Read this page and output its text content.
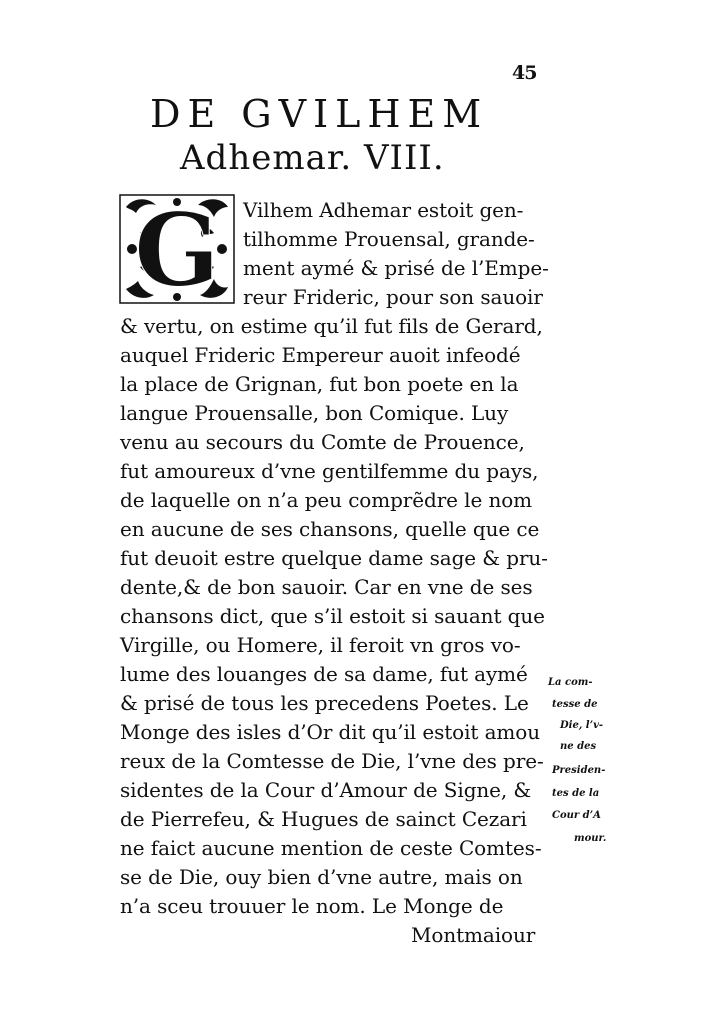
45
DE GVILHEM
Adhemar. VIII.
G Vilhem Adhemar estoit gen-
tilhomme Prouensal, grande-
ment aymé & prisé de l’Empe-
reur Frideric, pour son sauoir
& vertu, on estime qu’il fut fils de Gerard,
auquel Frideric Empereur auoit infeodé
la place de Grignan, fut bon poete en la
langue Prouensalle, bon Comique. Luy
venu au secours du Comte de Prouence,
fut amoureux d’vne gentilfemme du pays,
de laquelle on n’a peu comprẽdre le nom
en aucune de ses chansons, quelle que ce
fut deuoit estre quelque dame sage & pru-
dente,& de bon sauoir. Car en vne de ses
chansons dict, que s’il estoit si sauant que
Virgille, ou Homere, il feroit vn gros vo-
lume des louanges de sa dame, fut aymé
& prisé de tous les precedens Poetes. Le
Monge des isles d’Or dit qu’il estoit amou
reux de la Comtesse de Die, l’vne des pre-
sidentes de la Cour d’Amour de Signe, &
de Pierrefeu, & Hugues de sainct Cezari
ne faict aucune mention de ceste Comtes-
se de Die, ouy bien d’vne autre, mais on
n’a sceu trouuer le nom. Le Monge de
Montmaiour
La com-
tesse de
Die, l’v-
ne des
Presiden-
tes de la
Cour d’A
mour.
